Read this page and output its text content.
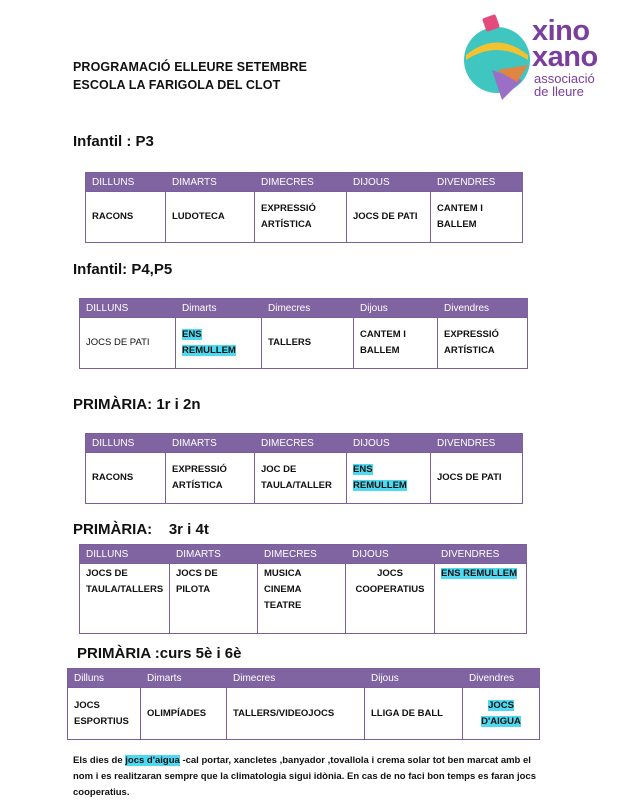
PROGRAMACIÓ ELLEURE SETEMBRE
ESCOLA LA FARIGOLA DEL CLOT
xino
xano
associació
de lleure
Infantil : P3
DILLUNS	DIMARTS	DIMECRES	DIJOUS	DIVENDRES
RACONS	LUDOTECA	EXPRESSIÓ ARTÍSTICA	JOCS DE PATI	CANTEM I BALLEM
Infantil: P4,P5
DILLUNS	Dimarts	Dimecres	Dijous	Divendres
JOCS DE PATI	ENS REMULLEM	TALLERS	CANTEM I BALLEM	EXPRESSIÓ ARTÍSTICA
PRIMÀRIA: 1r i 2n
DILLUNS	DIMARTS	DIMECRES	DIJOUS	DIVENDRES
RACONS	EXPRESSIÓ ARTÍSTICA	JOC DE TAULA/TALLER	ENS REMULLEM	JOCS DE PATI
PRIMÀRIA:    3r i 4t
DILLUNS	DIMARTS	DIMECRES	DIJOUS	DIVENDRES
JOCS DE TAULA/TALLERS	JOCS DE PILOTA	MUSICA CINEMA TEATRE	JOCS COOPERATIUS	ENS REMULLEM
PRIMÀRIA :curs 5è i 6è
Dilluns	Dimarts	Dimecres	Dijous	Divendres
JOCS ESPORTIUS	OLIMPÍADES	TALLERS/VIDEOJOCS	LLIGA DE BALL	JOCS D'AIGUA
Els dies de jocs d'aigua -cal portar, xancletes ,banyador ,tovallola i crema solar tot ben marcat amb el nom i es realitzaran sempre que la climatologia sigui idònia. En cas de no faci bon temps es faran jocs cooperatius.
